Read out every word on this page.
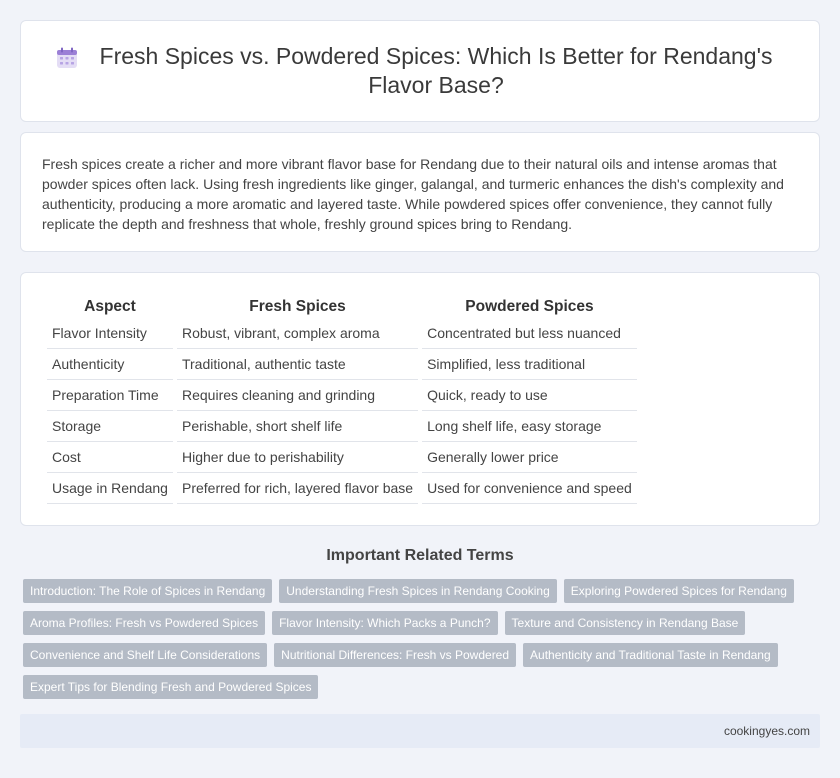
Fresh Spices vs. Powdered Spices: Which Is Better for Rendang's Flavor Base?

Fresh spices create a richer and more vibrant flavor base for Rendang due to their natural oils and intense aromas that powder spices often lack. Using fresh ingredients like ginger, galangal, and turmeric enhances the dish's complexity and authenticity, producing a more aromatic and layered taste. While powdered spices offer convenience, they cannot fully replicate the depth and freshness that whole, freshly ground spices bring to Rendang.

Aspect	Fresh Spices	Powdered Spices
Flavor Intensity	Robust, vibrant, complex aroma	Concentrated but less nuanced
Authenticity	Traditional, authentic taste	Simplified, less traditional
Preparation Time	Requires cleaning and grinding	Quick, ready to use
Storage	Perishable, short shelf life	Long shelf life, easy storage
Cost	Higher due to perishability	Generally lower price
Usage in Rendang	Preferred for rich, layered flavor base	Used for convenience and speed
Important Related Terms
Introduction: The Role of Spices in Rendang	Understanding Fresh Spices in Rendang Cooking	Exploring Powdered Spices for Rendang
Aroma Profiles: Fresh vs Powdered Spices	Flavor Intensity: Which Packs a Punch?	Texture and Consistency in Rendang Base
Convenience and Shelf Life Considerations	Nutritional Differences: Fresh vs Powdered	Authenticity and Traditional Taste in Rendang
Expert Tips for Blending Fresh and Powdered Spices
cookingyes.com
